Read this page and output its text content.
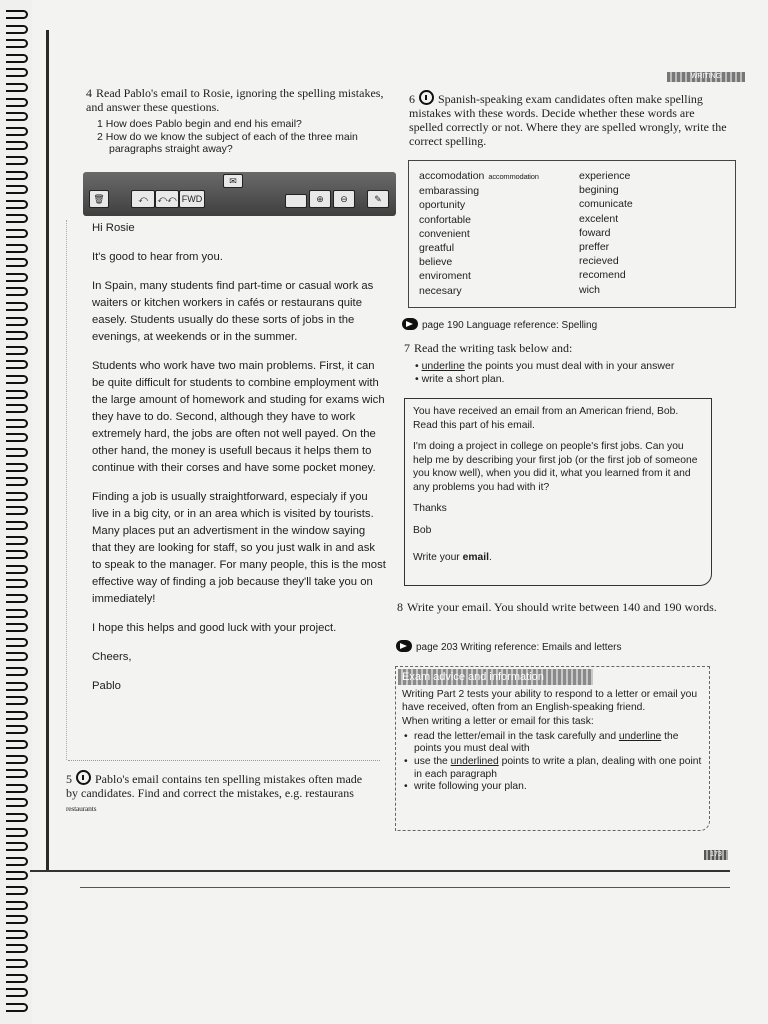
WRITING
4 Read Pablo's email to Rosie, ignoring the spelling mistakes, and answer these questions.
1 How does Pablo begin and end his email?
2 How do we know the subject of each of the three main paragraphs straight away?
🗑	⤺	⤺⤺ FWD
✉
⊕	⊖	✎

Hi Rosie

It's good to hear from you.

In Spain, many students find part-time or casual work as waiters or kitchen workers in cafés or restaurans quite easely. Students usually do these sorts of jobs in the evenings, at weekends or in the summer.

Students who work have two main problems. First, it can be quite difficult for students to combine employment with the large amount of homework and studing for exams wich they have to do. Second, although they have to work extremely hard, the jobs are often not well payed. On the other hand, the money is usefull becaus it helps them to continue with their corses and have some pocket money.

Finding a job is usually straightforward, especialy if you live in a big city, or in an area which is visited by tourists. Many places put an advertisment in the window saying that they are looking for staff, so you just walk in and ask to speak to the manager. For many people, this is the most effective way of finding a job because they'll take you on immediately!

I hope this helps and good luck with your project.

Cheers,

Pablo

5 Pablo's email contains ten spelling mistakes often made by candidates. Find and correct the mistakes, e.g. restaurans restaurants
6 Spanish-speaking exam candidates often make spelling mistakes with these words. Decide whether these words are spelled correctly or not. Where they are spelled wrongly, write the correct spelling.
accomodation accommodation
embarassing
oportunity
confortable
convenient
greatful
believe
enviroment
necesary
experience
begining
comunicate
excelent
foward
preffer
recieved
recomend
wich
page 190 Language reference: Spelling
7 Read the writing task below and:
• underline the points you must deal with in your answer
• write a short plan.

You have received an email from an American friend, Bob. Read this part of his email.

I'm doing a project in college on people's first jobs. Can you help me by describing your first job (or the first job of someone you know well), when you did it, what you learned from it and any problems you had with it?

Thanks

Bob

Write your email.

8 Write your email. You should write between 140 and 190 words.
page 203 Writing reference: Emails and letters
Exam advice and information
Writing Part 2 tests your ability to respond to a letter or email you have received, often from an English-speaking friend.
When writing a letter or email for this task:
• read the letter/email in the task carefully and underline the points you must deal with
• use the underlined points to write a plan, dealing with one point in each paragraph
• write following your plan.
173
